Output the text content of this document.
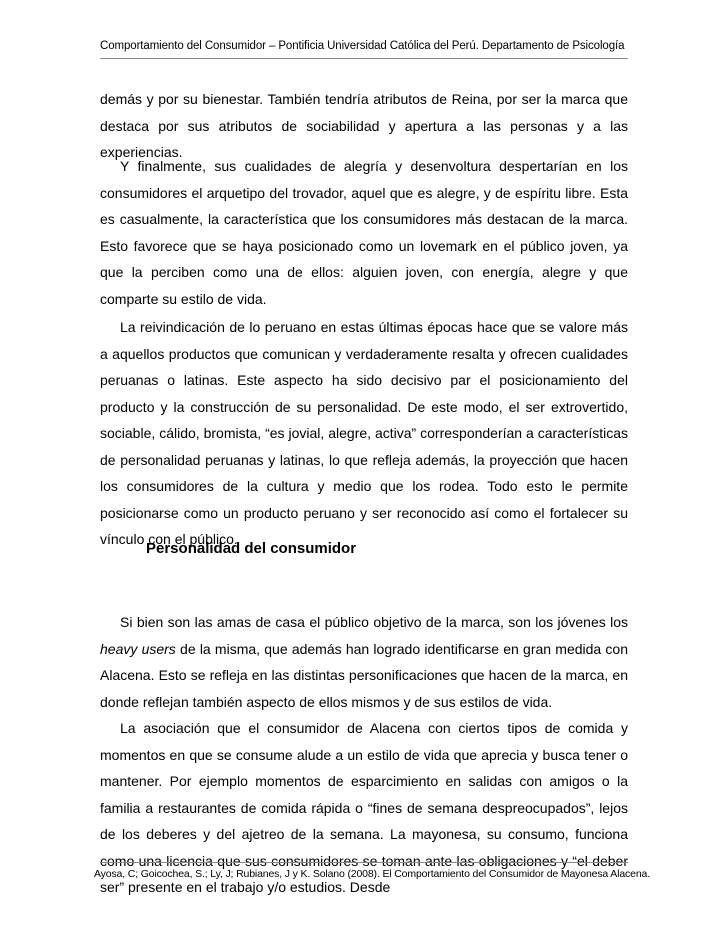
Comportamiento del Consumidor – Pontificia Universidad Católica del Perú. Departamento de Psicología
demás y por su bienestar. También tendría atributos de Reina, por ser la marca que destaca por sus atributos de sociabilidad y apertura a las personas y a las experiencias.
Y finalmente, sus cualidades de alegría y desenvoltura despertarían en los consumidores el arquetipo del trovador, aquel que es alegre, y de espíritu libre. Esta es casualmente, la característica que los consumidores más destacan de la marca. Esto favorece que se haya posicionado como un lovemark en el público joven, ya que la perciben como una de ellos: alguien joven, con energía, alegre y que comparte su estilo de vida.
La reivindicación de lo peruano en estas últimas épocas hace que se valore más a aquellos productos que comunican y verdaderamente resalta y ofrecen cualidades peruanas o latinas. Este aspecto ha sido decisivo par el posicionamiento del producto y la construcción de su personalidad. De este modo, el ser extrovertido, sociable, cálido, bromista, “es jovial, alegre, activa” corresponderían a características de personalidad peruanas y latinas, lo que refleja además, la proyección que hacen los consumidores de la cultura y medio que los rodea. Todo esto le permite posicionarse como un producto peruano y ser reconocido así como el fortalecer su vínculo con el público.
Personalidad del consumidor
Si bien son las amas de casa el público objetivo de la marca, son los jóvenes los heavy users de la misma, que además han logrado identificarse en gran medida con Alacena. Esto se refleja en las distintas personificaciones que hacen de la marca, en donde reflejan también aspecto de ellos mismos y de sus estilos de vida.
La asociación que el consumidor de Alacena con ciertos tipos de comida y momentos en que se consume alude a un estilo de vida que aprecia y busca tener o mantener. Por ejemplo momentos de esparcimiento en salidas con amigos o la familia a restaurantes de comida rápida o “fines de semana despreocupados”, lejos de los deberes y del ajetreo de la semana. La mayonesa, su consumo, funciona como una licencia que sus consumidores se toman ante las obligaciones y “el deber ser” presente en el trabajo y/o estudios. Desde
Ayosa, C; Goicochea, S.; Ly, J; Rubianes, J y K. Solano (2008). El Comportamiento del Consumidor de Mayonesa Alacena.
